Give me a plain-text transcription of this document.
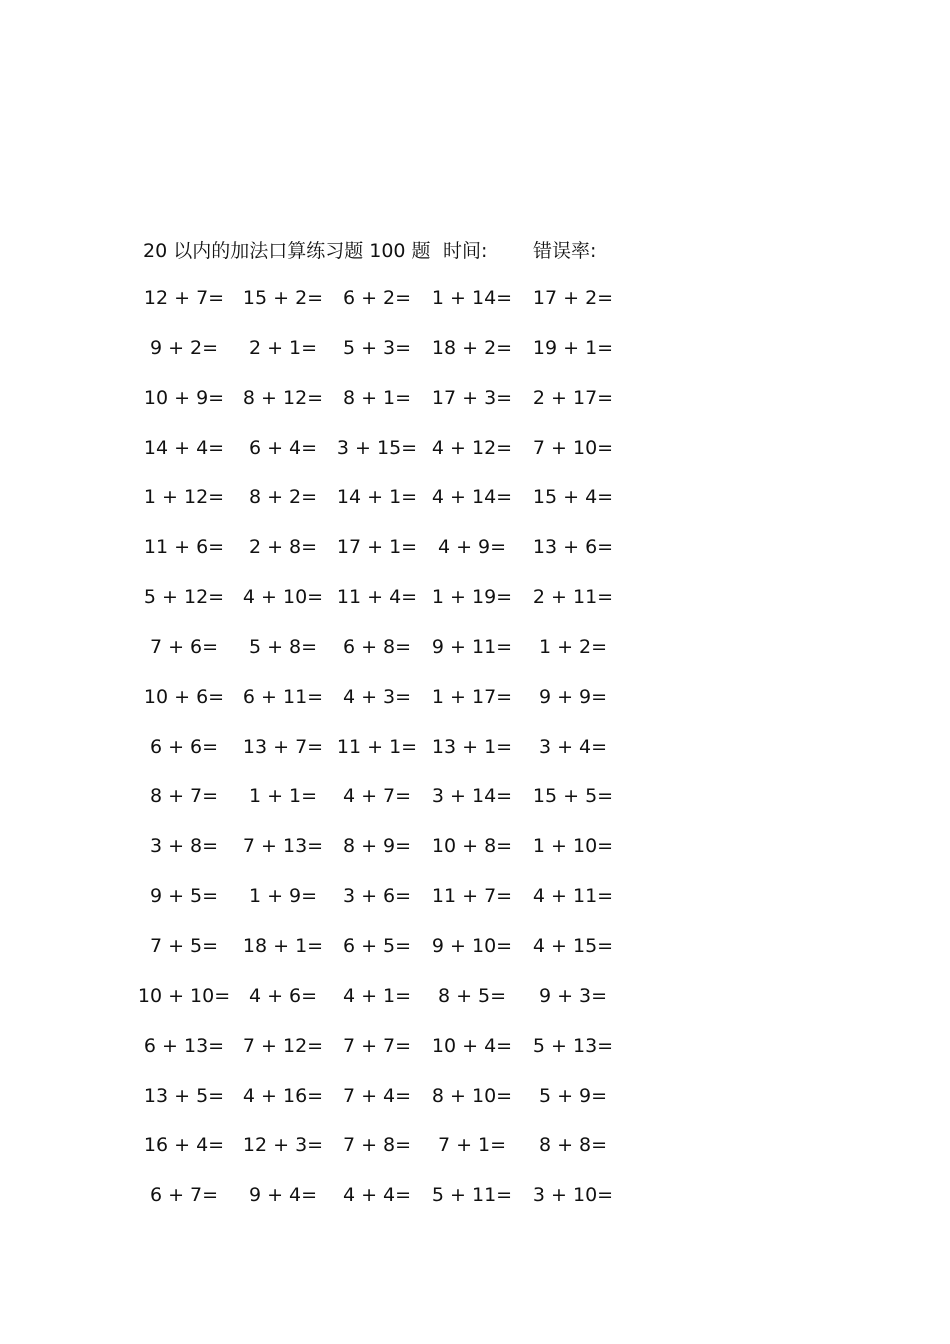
20 以内的加法口算练习题 100 题 时间: 错误率:
12 + 7= 15 + 2=	6 + 2=	1 + 14=	17 + 2=
9 + 2=	2 + 1=	5 + 3=	18 + 2=	19 + 1=
10 + 9= 8 + 12=	8 + 1=	17 + 3=	2 + 17=
14 + 4=	6 + 4=	3 + 15= 4 + 12=	7 + 10=
1 + 12=	8 + 2=	14 + 1= 4 + 14=	15 + 4=
11 + 6=	2 + 8=	17 + 1=	4 + 9=	13 + 6=
5 + 12= 4 + 10= 11 + 4= 1 + 19=	2 + 11=
7 + 6=	5 + 8=	6 + 8=	9 + 11=	1 + 2=
10 + 6= 6 + 11=	4 + 3=	1 + 17=	9 + 9=
6 + 6=	13 + 7= 11 + 1= 13 + 1=	3 + 4=
8 + 7=	1 + 1=	4 + 7=	3 + 14=	15 + 5=
3 + 8=	7 + 13=	8 + 9=	10 + 8=	1 + 10=
9 + 5=	1 + 9=	3 + 6=	11 + 7=	4 + 11=
7 + 5=	18 + 1=	6 + 5=	9 + 10=	4 + 15=
10 + 10= 4 + 6=	4 + 1=	8 + 5=	9 + 3=
6 + 13= 7 + 12=	7 + 7=	10 + 4=	5 + 13=
13 + 5= 4 + 16=	7 + 4=	8 + 10=	5 + 9=
16 + 4= 12 + 3=	7 + 8=	7 + 1=	8 + 8=
6 + 7=	9 + 4=	4 + 4=	5 + 11=	3 + 10=
